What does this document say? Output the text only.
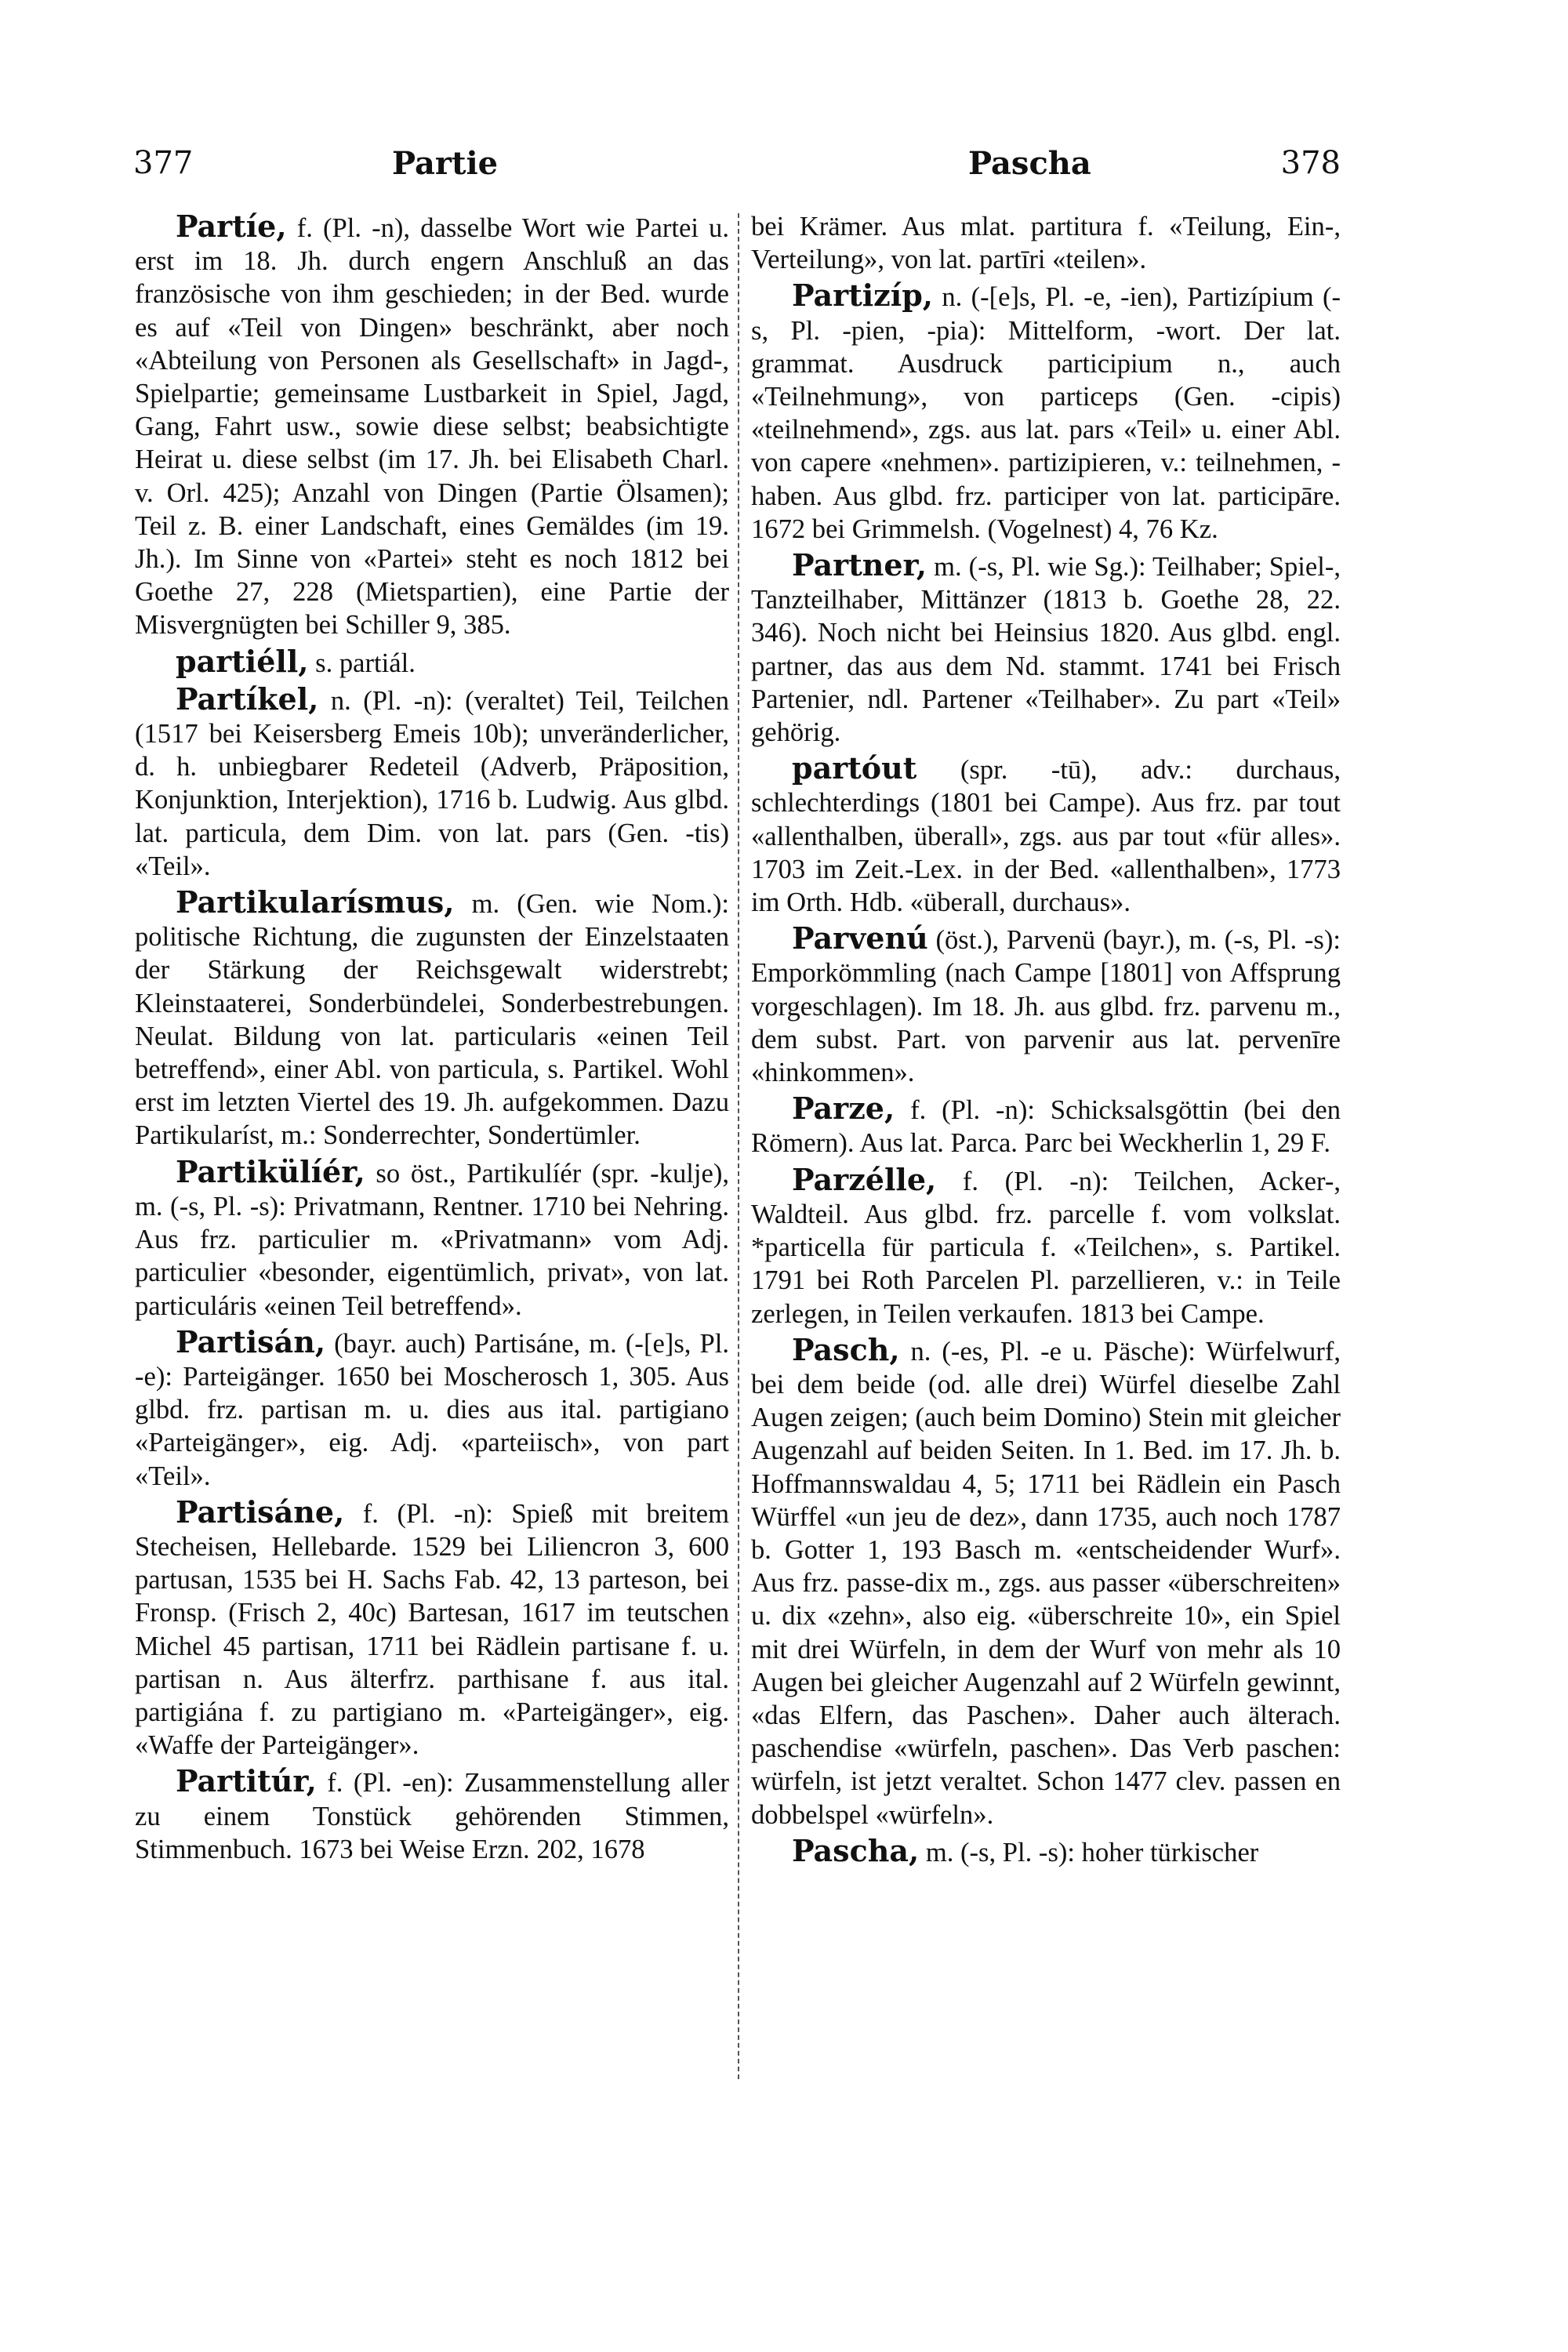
377	Partie	Pascha	378

Partíe, f. (Pl. -n), dasselbe Wort wie Partei u. erst im 18. Jh. durch engern Anschluß an das französische von ihm geschieden; in der Bed. wurde es auf «Teil von Dingen» beschränkt, aber noch «Abteilung von Personen als Gesellschaft» in Jagd-, Spielpartie; gemeinsame Lustbarkeit in Spiel, Jagd, Gang, Fahrt usw., sowie diese selbst; beabsichtigte Heirat u. diese selbst (im 17. Jh. bei Elisabeth Charl. v. Orl. 425); Anzahl von Dingen (Partie Ölsamen); Teil z. B. einer Landschaft, eines Gemäldes (im 19. Jh.). Im Sinne von «Partei» steht es noch 1812 bei Goethe 27, 228 (Mietspartien), eine Partie der Misvergnügten bei Schiller 9, 385.

partiéll, s. partiál.

Partíkel, n. (Pl. -n): (veraltet) Teil, Teilchen (1517 bei Keisersberg Emeis 10b); unveränderlicher, d. h. unbiegbarer Redeteil (Adverb, Präposition, Konjunktion, Interjektion), 1716 b. Ludwig. Aus glbd. lat. particula, dem Dim. von lat. pars (Gen. -tis) «Teil».

Partikularísmus, m. (Gen. wie Nom.): politische Richtung, die zugunsten der Einzelstaaten der Stärkung der Reichsgewalt widerstrebt; Kleinstaaterei, Sonderbündelei, Sonderbestrebungen. Neulat. Bildung von lat. particularis «einen Teil betreffend», einer Abl. von particula, s. Partikel. Wohl erst im letzten Viertel des 19. Jh. aufgekommen. Dazu Partikularíst, m.: Sonderrechter, Sondertümler.

Partikülíér, so öst., Partikulíér (spr. -kulje), m. (-s, Pl. -s): Privatmann, Rentner. 1710 bei Nehring. Aus frz. particulier m. «Privatmann» vom Adj. particulier «besonder, eigentümlich, privat», von lat. particuláris «einen Teil betreffend».

Partisán, (bayr. auch) Partisáne, m. (-[e]s, Pl. -e): Parteigänger. 1650 bei Moscherosch 1, 305. Aus glbd. frz. partisan m. u. dies aus ital. partigiano «Parteigänger», eig. Adj. «parteiisch», von part «Teil».

Partisáne, f. (Pl. -n): Spieß mit breitem Stecheisen, Hellebarde. 1529 bei Liliencron 3, 600 partusan, 1535 bei H. Sachs Fab. 42, 13 parteson, bei Fronsp. (Frisch 2, 40c) Bartesan, 1617 im teutschen Michel 45 partisan, 1711 bei Rädlein partisane f. u. partisan n. Aus älterfrz. parthisane f. aus ital. partigiána f. zu partigiano m. «Parteigänger», eig. «Waffe der Parteigänger».

Partitúr, f. (Pl. -en): Zusammenstellung aller zu einem Tonstück gehörenden Stimmen, Stimmenbuch. 1673 bei Weise Erzn. 202, 1678

bei Krämer. Aus mlat. partitura f. «Teilung, Ein-, Verteilung», von lat. partīri «teilen».

Partizíp, n. (-[e]s, Pl. -e, -ien), Partizípium (-s, Pl. -pien, -pia): Mittelform, -wort. Der lat. grammat. Ausdruck participium n., auch «Teilnehmung», von particeps (Gen. -cipis) «teilnehmend», zgs. aus lat. pars «Teil» u. einer Abl. von capere «nehmen». partizipieren, v.: teilnehmen, -haben. Aus glbd. frz. participer von lat. participāre. 1672 bei Grimmelsh. (Vogelnest) 4, 76 Kz.

Partner, m. (-s, Pl. wie Sg.): Teilhaber; Spiel-, Tanzteilhaber, Mittänzer (1813 b. Goethe 28, 22. 346). Noch nicht bei Heinsius 1820. Aus glbd. engl. partner, das aus dem Nd. stammt. 1741 bei Frisch Partenier, ndl. Partener «Teilhaber». Zu part «Teil» gehörig.

partóut (spr. -tū), adv.: durchaus, schlechterdings (1801 bei Campe). Aus frz. par tout «allenthalben, überall», zgs. aus par tout «für alles». 1703 im Zeit.-Lex. in der Bed. «allenthalben», 1773 im Orth. Hdb. «überall, durchaus».

Parvenú (öst.), Parvenü (bayr.), m. (-s, Pl. -s): Emporkömmling (nach Campe [1801] von Affsprung vorgeschlagen). Im 18. Jh. aus glbd. frz. parvenu m., dem subst. Part. von parvenir aus lat. pervenīre «hinkommen».

Parze, f. (Pl. -n): Schicksalsgöttin (bei den Römern). Aus lat. Parca. Parc bei Weckherlin 1, 29 F.

Parzélle, f. (Pl. -n): Teilchen, Acker-, Waldteil. Aus glbd. frz. parcelle f. vom volkslat. *particella für particula f. «Teilchen», s. Partikel. 1791 bei Roth Parcelen Pl. parzellieren, v.: in Teile zerlegen, in Teilen verkaufen. 1813 bei Campe.

Pasch, n. (-es, Pl. -e u. Päsche): Würfelwurf, bei dem beide (od. alle drei) Würfel dieselbe Zahl Augen zeigen; (auch beim Domino) Stein mit gleicher Augenzahl auf beiden Seiten. In 1. Bed. im 17. Jh. b. Hoffmannswaldau 4, 5; 1711 bei Rädlein ein Pasch Würffel «un jeu de dez», dann 1735, auch noch 1787 b. Gotter 1, 193 Basch m. «entscheidender Wurf». Aus frz. passe-dix m., zgs. aus passer «überschreiten» u. dix «zehn», also eig. «überschreite 10», ein Spiel mit drei Würfeln, in dem der Wurf von mehr als 10 Augen bei gleicher Augenzahl auf 2 Würfeln gewinnt, «das Elfern, das Paschen». Daher auch älterach. paschendise «würfeln, paschen». Das Verb paschen: würfeln, ist jetzt veraltet. Schon 1477 clev. passen en dobbelspel «würfeln».

Pascha, m. (-s, Pl. -s): hoher türkischer
